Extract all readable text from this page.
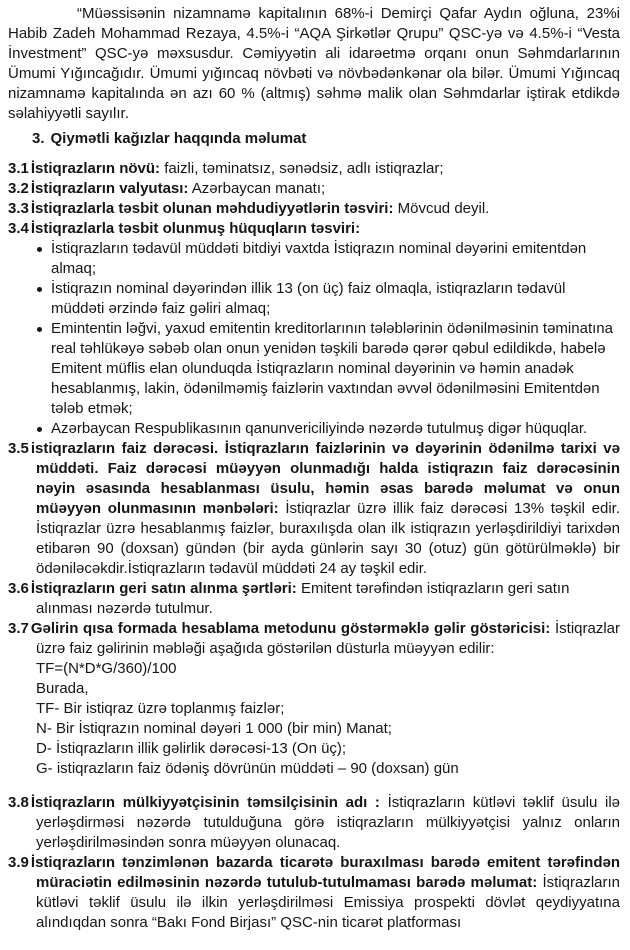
“Müəssisənin nizamnamə kapitalının 68%-i Demirçi Qafar Aydın oğluna, 23%i Habib Zadeh Mohammad Rezaya, 4.5%-i “AQA Şirkətlər Qrupu” QSC-yə və 4.5%-i “Vesta İnvestment” QSC-yə məxsusdur. Cəmiyyətin ali idarəetmə orqanı onun Səhmdarlarının Ümumi Yığıncağıdır. Ümumi yığıncaq növbəti və növbədənkənar ola bilər. Ümumi Yığıncaq nizamnamə kapitalında ən azı 60 % (altmış) səhmə malik olan Səhmdarlar iştirak etdikdə səlahiyyətli sayılır.

3. Qiymətli kağızlar haqqında məlumat

3.1 İstiqrazların növü: faizli, təminatsız, sənədsiz, adlı istiqrazlar;

3.2 İstiqrazların valyutası: Azərbaycan manatı;

3.3 İstiqrazlarla təsbit olunan məhdudiyyətlərin təsviri: Mövcud deyil.

3.4 İstiqrazlarla təsbit olunmuş hüquqların təsviri:

İstiqrazların tədavül müddəti bitdiyi vaxtda İstiqrazın nominal dəyərini emitentdən almaq;

İstiqrazın nominal dəyərindən illik 13 (on üç) faiz olmaqla, istiqrazların tədavül müddəti ərzində faiz gəliri almaq;

Emintentin ləğvi, yaxud emitentin kreditorlarının tələblərinin ödənilməsinin təminatına real təhlükəyə səbəb olan onun yenidən təşkili barədə qərər qəbul edildikdə, habelə Emitent müflis elan olunduqda İstiqrazların nominal dəyərinin və həmin anadək hesablanmış, lakin, ödənilməmiş faizlərin vaxtından əvvəl ödənilməsini Emitentdən tələb etmək;

Azərbaycan Respublikasının qanunvericiliyində nəzərdə tutulmuş digər hüquqlar.

3.5 istiqrazların faiz dərəcəsi. İstiqrazların faizlərinin və dəyərinin ödənilmə tarixi və müddəti. Faiz dərəcəsi müəyyən olunmadığı halda istiqrazın faiz dərəcəsinin nəyin əsasında hesablanması üsulu, həmin əsas barədə məlumat və onun müəyyən olunmasının mənbələri: İstiqrazlar üzrə illik faiz dərəcəsi 13% təşkil edir. İstiqrazlar üzrə hesablanmış faizlər, buraxılışda olan ilk istiqrazın yerləşdirildiyi tarixdən etibarən 90 (doxsan) gündən (bir ayda günlərin sayı 30 (otuz) gün götürülməklə) bir ödəniləcəkdir.İstiqrazların tədavül müddəti 24 ay təşkil edir.

3.6 İstiqrazların geri satın alınma şərtləri: Emitent tərəfindən istiqrazların geri satın alınması nəzərdə tutulmur.

3.7 Gəlirin qısa formada hesablama metodunu göstərməklə gəlir göstəricisi: İstiqrazlar üzrə faiz gəlirinin məbləği aşağıda göstərilən düsturla müəyyən edilir:
TF=(N*D*G/360)/100
Burada,
TF- Bir istiqraz üzrə toplanmış faizlər;
N- Bir İstiqrazın nominal dəyəri 1 000 (bir min) Manat;
D- İstiqrazların illik gəlirlik dərəcəsi-13 (On üç);
G- istiqrazların faiz ödəniş dövrünün müddəti – 90 (doxsan) gün

3.8 İstiqrazların mülkiyyətçisinin təmsilçisinin adı : İstiqrazların kütləvi təklif üsulu ilə yerləşdirməsi nəzərdə tutulduğuna görə istiqrazların mülkiyyətçisi yalnız onların yerləşdirilməsindən sonra müəyyən olunacaq.

3.9 İstiqrazların tənzimlənən bazarda ticarətə buraxılması barədə emitent tərəfindən müraciətin edilməsinin nəzərdə tutulub-tutulmaması barədə məlumat: İstiqrazların kütləvi təklif üsulu ilə ilkin yerləşdirilməsi Emissiya prospekti dövlət qeydiyyatına alındıqdan sonra “Bakı Fond Birjası” QSC-nin ticarət platforması
